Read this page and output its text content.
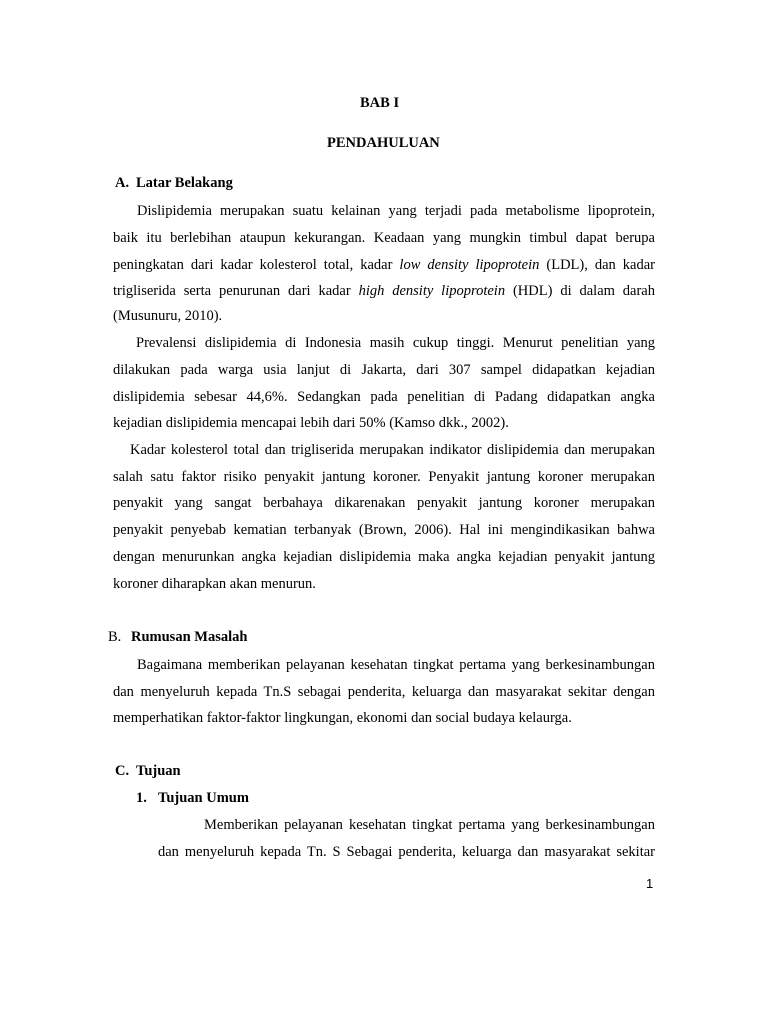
BAB I
PENDAHULUAN
A. Latar Belakang
Dislipidemia merupakan suatu kelainan yang terjadi pada metabolisme lipoprotein,
baik itu berlebihan ataupun kekurangan. Keadaan yang mungkin timbul dapat berupa
peningkatan dari kadar kolesterol total, kadar low density lipoprotein (LDL), dan kadar
trigliserida serta penurunan dari kadar high density lipoprotein (HDL) di dalam darah
(Musunuru, 2010).
Prevalensi dislipidemia di Indonesia masih cukup tinggi. Menurut penelitian yang
dilakukan pada warga usia lanjut di Jakarta, dari 307 sampel didapatkan kejadian
dislipidemia sebesar 44,6%. Sedangkan pada penelitian di Padang didapatkan angka
kejadian dislipidemia mencapai lebih dari 50% (Kamso dkk., 2002).
Kadar kolesterol total dan trigliserida merupakan indikator dislipidemia dan merupakan
salah satu faktor risiko penyakit jantung koroner. Penyakit jantung koroner merupakan
penyakit yang sangat berbahaya dikarenakan penyakit jantung koroner merupakan
penyakit penyebab kematian terbanyak (Brown, 2006). Hal ini mengindikasikan bahwa
dengan menurunkan angka kejadian dislipidemia maka angka kejadian penyakit jantung
koroner diharapkan akan menurun.
B. Rumusan Masalah
Bagaimana memberikan pelayanan kesehatan tingkat pertama yang berkesinambungan
dan menyeluruh kepada Tn.S sebagai penderita, keluarga dan masyarakat sekitar dengan
memperhatikan faktor-faktor lingkungan, ekonomi dan social budaya kelaurga.
C. Tujuan
1. Tujuan Umum
Memberikan pelayanan kesehatan tingkat pertama yang berkesinambungan
dan menyeluruh kepada Tn. S Sebagai penderita, keluarga dan masyarakat sekitar
1
